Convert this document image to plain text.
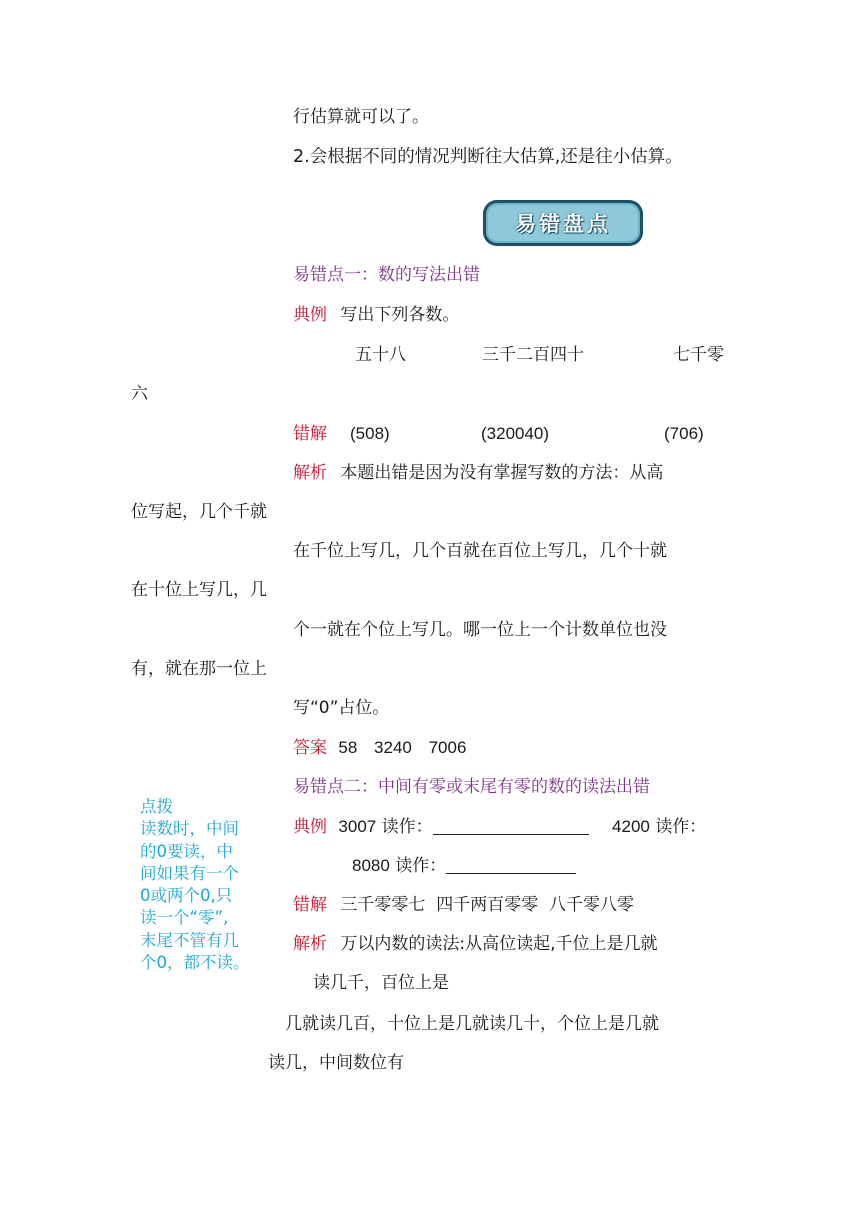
行估算就可以了。
2.会根据不同的情况判断往大估算,还是往小估算。
易错盘点
易错点一：数的写法出错
典例 写出下列各数。
五十八	三千二百四十	七千零
六
错解 (508)	(320040)	(706)
解析 本题出错是因为没有掌握写数的方法：从高
位写起，几个千就
在千位上写几，几个百就在百位上写几，几个十就
在十位上写几，几
个一就在个位上写几。哪一位上一个计数单位也没
有，就在那一位上
写“0”占位。
答案 58 3240 7006
易错点二：中间有零或末尾有零的数的读法出错
典例 3007 读作：	4200 读作：
8080 读作：
错解 三千零零七  四千两百零零  八千零八零
解析 万以内数的读法:从高位读起,千位上是几就
读几千，百位上是
几就读几百，十位上是几就读几十，个位上是几就
读几，中间数位有
点拨
读数时，中间
的0要读，中
间如果有一个
0或两个0,只
读一个“零”,
末尾不管有几
个0，都不读。
